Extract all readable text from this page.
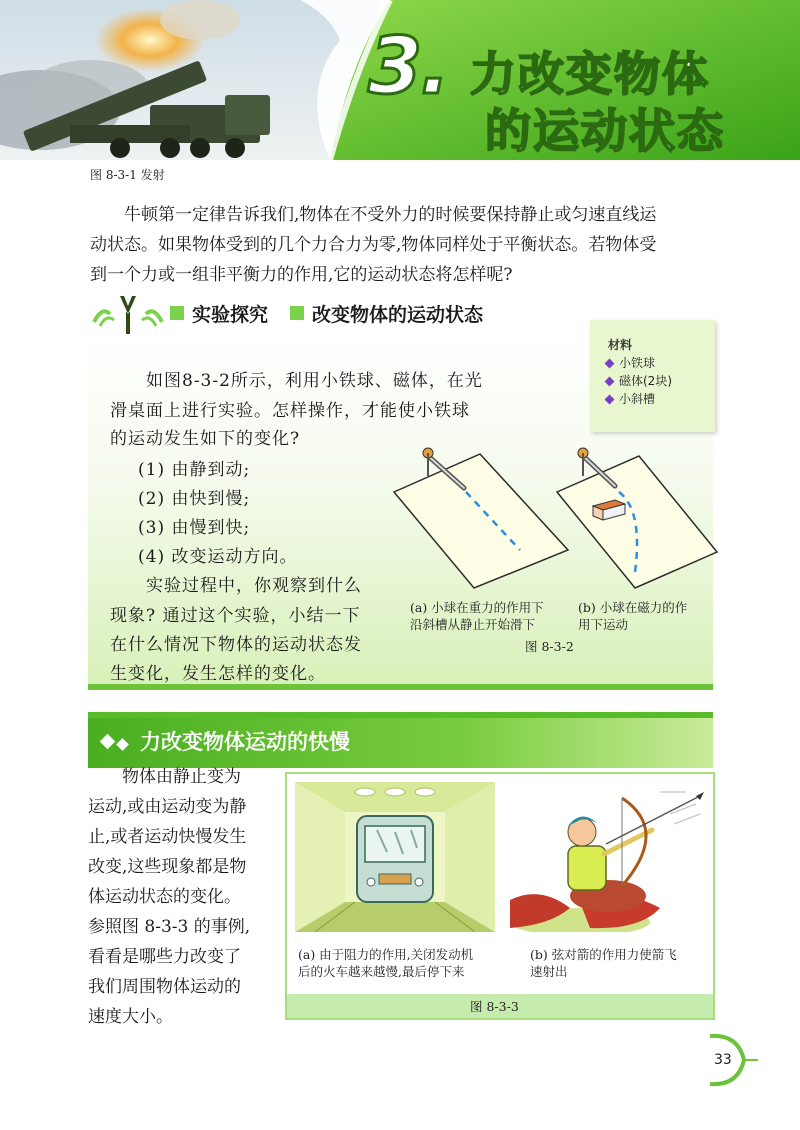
3. 力改变物体
的运动状态
图 8-3-1 发射
牛顿第一定律告诉我们,物体在不受外力的时候要保持静止或匀速直线运
动状态。如果物体受到的几个力合力为零,物体同样处于平衡状态。若物体受
到一个力或一组非平衡力的作用,它的运动状态将怎样呢?
实验探究 改变物体的运动状态
材料
小铁球
磁体(2块)
小斜槽
如图8-3-2所示，利用小铁球、磁体，在光
滑桌面上进行实验。怎样操作，才能使小铁球
的运动发生如下的变化?
(1) 由静到动;
(2) 由快到慢;
(3) 由慢到快;
(4) 改变运动方向。
实验过程中，你观察到什么
现象? 通过这个实验，小结一下
在什么情况下物体的运动状态发
生变化，发生怎样的变化。
(a) 小球在重力的作用下
沿斜槽从静止开始滑下
(b) 小球在磁力的作
用下运动
图 8-3-2
力改变物体运动的快慢
物体由静止变为
运动,或由运动变为静
止,或者运动快慢发生
改变,这些现象都是物
体运动状态的变化。
参照图 8-3-3 的事例,
看看是哪些力改变了
我们周围物体运动的
速度大小。
(a) 由于阻力的作用,关闭发动机
后的火车越来越慢,最后停下来
(b) 弦对箭的作用力使箭飞
速射出
图 8-3-3
33
